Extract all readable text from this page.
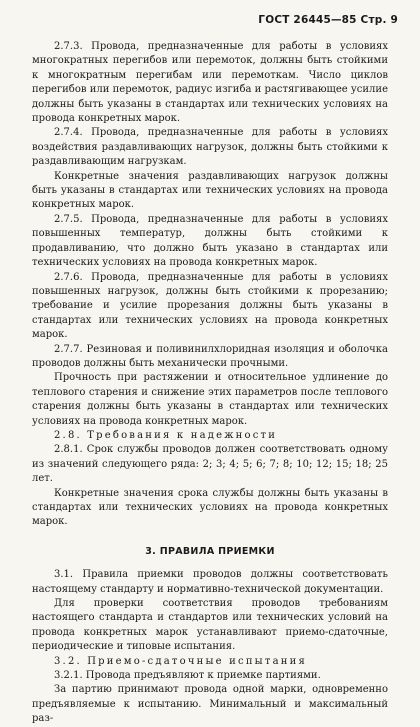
ГОСТ 26445—85 Стр. 9

2.7.3. Провода, предназначенные для работы в условиях многократных перегибов или перемоток, должны быть стойкими к многократным перегибам или перемоткам. Число циклов перегибов или перемоток, радиус изгиба и растягивающее усилие должны быть указаны в стандартах или технических условиях на провода конкретных марок.

2.7.4. Провода, предназначенные для работы в условиях воздействия раздавливающих нагрузок, должны быть стойкими к раздавливающим нагрузкам.

Конкретные значения раздавливающих нагрузок должны быть указаны в стандартах или технических условиях на провода конкретных марок.

2.7.5. Провода, предназначенные для работы в условиях повышенных температур, должны быть стойкими к продавливанию, что должно быть указано в стандартах или технических условиях на провода конкретных марок.

2.7.6. Провода, предназначенные для работы в условиях повышенных нагрузок, должны быть стойкими к прорезанию; требование и усилие прорезания должны быть указаны в стандартах или технических условиях на провода конкретных марок.

2.7.7. Резиновая и поливинилхлоридная изоляция и оболочка проводов должны быть механически прочными.

Прочность при растяжении и относительное удлинение до теплового старения и снижение этих параметров после теплового старения должны быть указаны в стандартах или технических условиях на провода конкретных марок.

2.8. Требования к надежности

2.8.1. Срок службы проводов должен соответствовать одному из значений следующего ряда: 2; 3; 4; 5; 6; 7; 8; 10; 12; 15; 18; 25 лет.

Конкретные значения срока службы должны быть указаны в стандартах или технических условиях на провода конкретных марок.

3. ПРАВИЛА ПРИЕМКИ

3.1. Правила приемки проводов должны соответствовать настоящему стандарту и нормативно-технической документации.

Для проверки соответствия проводов требованиям настоящего стандарта и стандартов или технических условий на провода конкретных марок устанавливают приемо-сдаточные, периодические и типовые испытания.

3.2. Приемо-сдаточные испытания

3.2.1. Провода предъявляют к приемке партиями.

За партию принимают провода одной марки, одновременно предъявляемые к испытанию. Минимальный и максимальный раз-
